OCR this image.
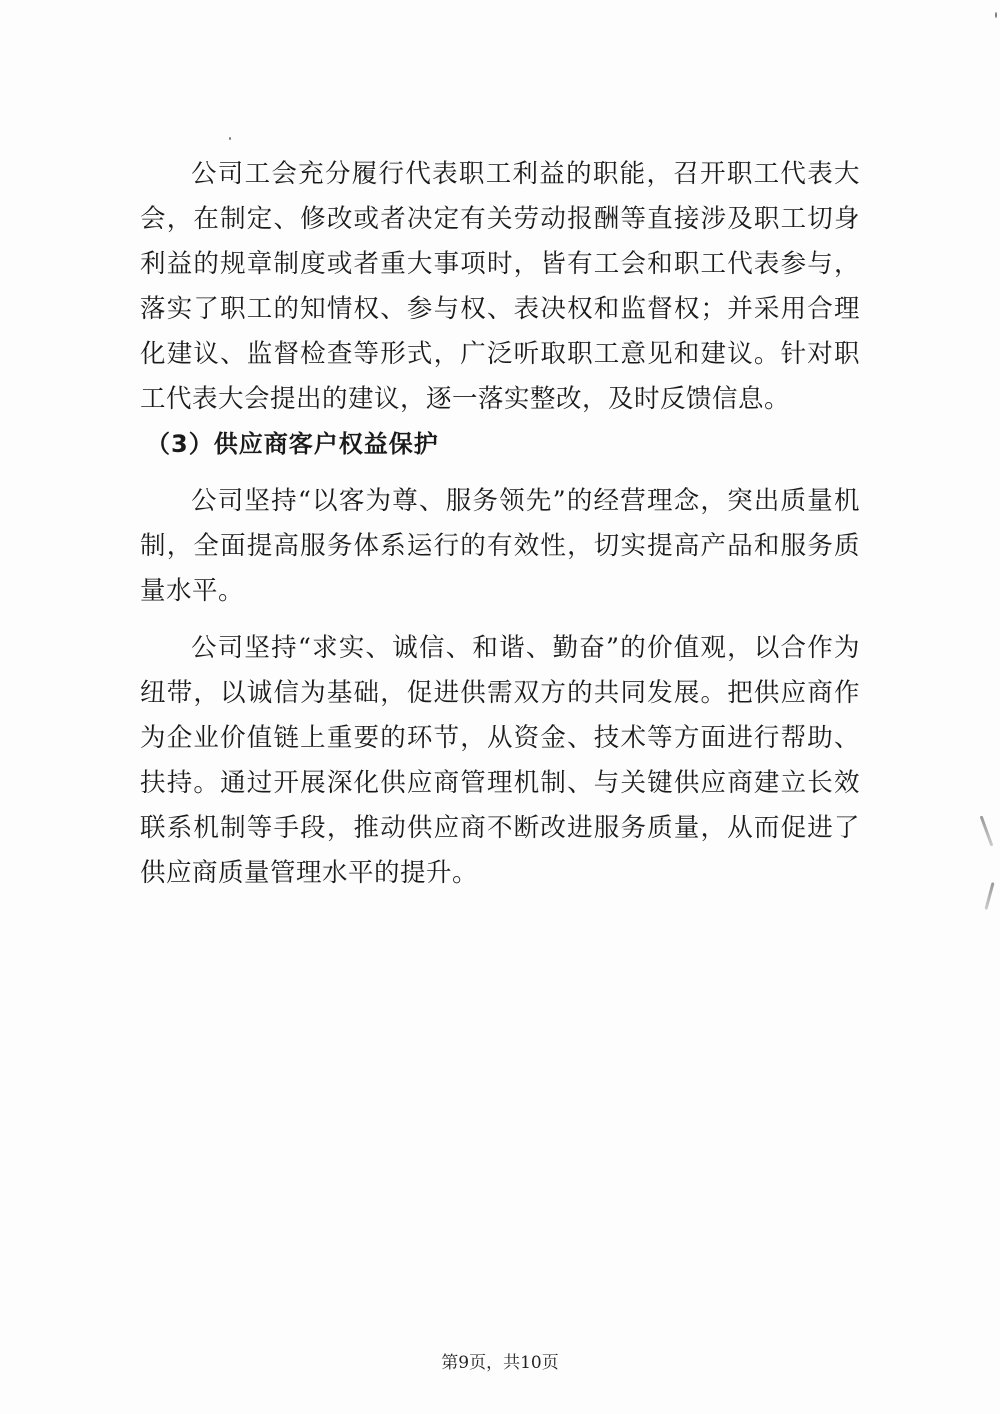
公司工会充分履行代表职工利益的职能，召开职工代表大会，在制定、修改或者决定有关劳动报酬等直接涉及职工切身利益的规章制度或者重大事项时，皆有工会和职工代表参与，落实了职工的知情权、参与权、表决权和监督权；并采用合理化建议、监督检查等形式，广泛听取职工意见和建议。针对职工代表大会提出的建议，逐一落实整改，及时反馈信息。

（3）供应商客户权益保护

公司坚持“以客为尊、服务领先”的经营理念，突出质量机制，全面提高服务体系运行的有效性，切实提高产品和服务质量水平。

公司坚持“求实、诚信、和谐、勤奋”的价值观，以合作为纽带，以诚信为基础，促进供需双方的共同发展。把供应商作为企业价值链上重要的环节，从资金、技术等方面进行帮助、扶持。通过开展深化供应商管理机制、与关键供应商建立长效联系机制等手段，推动供应商不断改进服务质量，从而促进了供应商质量管理水平的提升。

第9页，共10页
